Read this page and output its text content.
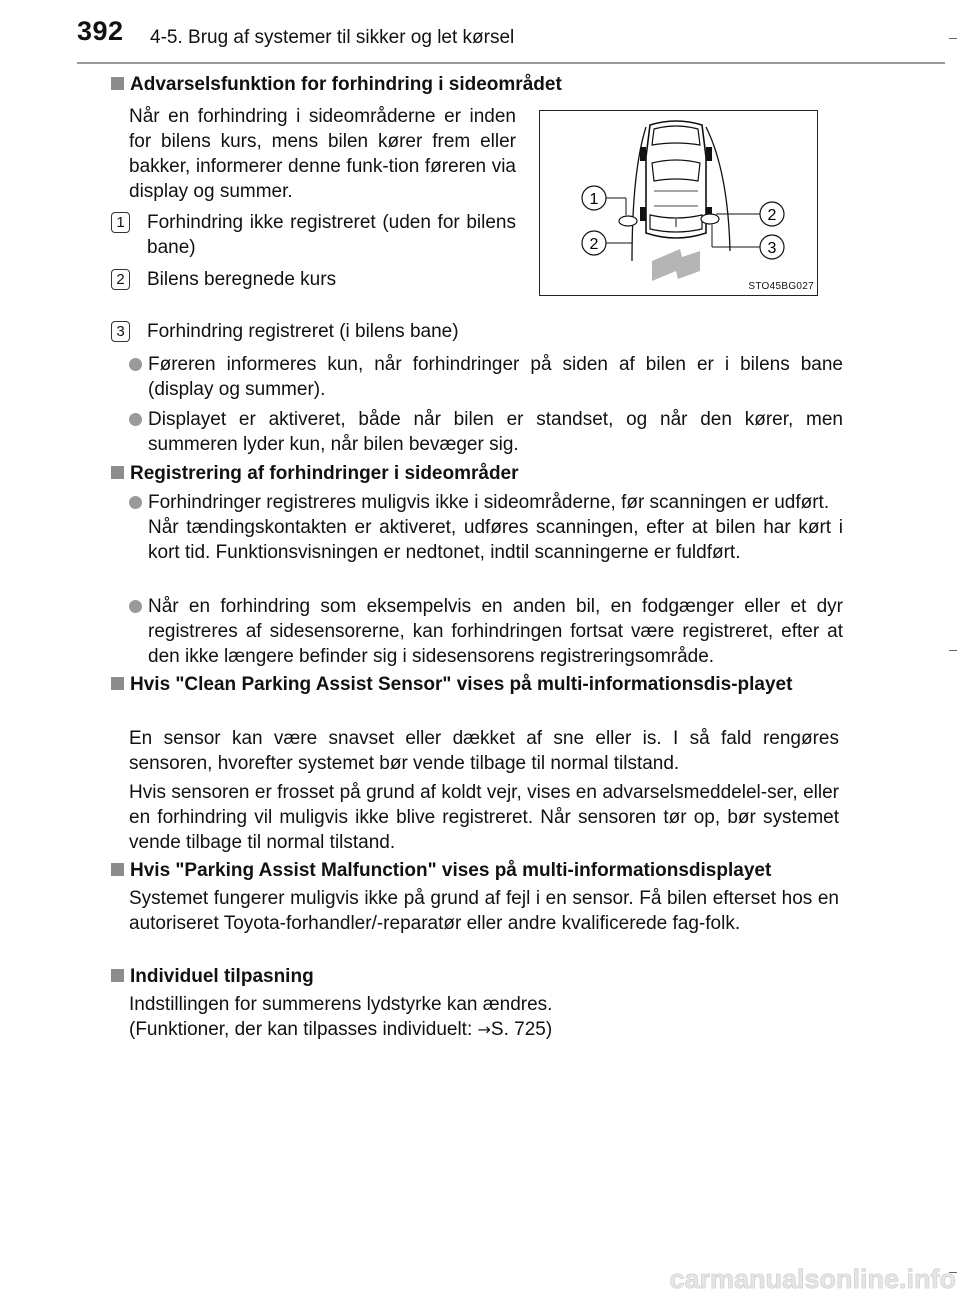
392 4-5. Brug af systemer til sikker og let kørsel
Advarselsfunktion for forhindring i sideområdet
Når en forhindring i sideområderne er inden for bilens kurs, mens bilen kører frem eller bakker, informerer denne funk-tion føreren via display og summer.
1 Forhindring ikke registreret (uden for bilens bane)
2 Bilens beregnede kurs
3 Forhindring registreret (i bilens bane)
1
2
2
3
STO45BG027
Føreren informeres kun, når forhindringer på siden af bilen er i bilens bane (display og summer).
Displayet er aktiveret, både når bilen er standset, og når den kører, men summeren lyder kun, når bilen bevæger sig.
Registrering af forhindringer i sideområder
Forhindringer registreres muligvis ikke i sideområderne, før scanningen er udført.
Når tændingskontakten er aktiveret, udføres scanningen, efter at bilen har kørt i kort tid. Funktionsvisningen er nedtonet, indtil scanningerne er fuldført.
Når en forhindring som eksempelvis en anden bil, en fodgænger eller et dyr registreres af sidesensorerne, kan forhindringen fortsat være registreret, efter at den ikke længere befinder sig i sidesensorens registreringsområde.
Hvis "Clean Parking Assist Sensor" vises på multi-informationsdis-playet
En sensor kan være snavset eller dækket af sne eller is. I så fald rengøres sensoren, hvorefter systemet bør vende tilbage til normal tilstand.
Hvis sensoren er frosset på grund af koldt vejr, vises en advarselsmeddelel-ser, eller en forhindring vil muligvis ikke blive registreret. Når sensoren tør op, bør systemet vende tilbage til normal tilstand.
Hvis "Parking Assist Malfunction" vises på multi-informationsdisplayet
Systemet fungerer muligvis ikke på grund af fejl i en sensor. Få bilen efterset hos en autoriseret Toyota-forhandler/-reparatør eller andre kvalificerede fag-folk.
Individuel tilpasning
Indstillingen for summerens lydstyrke kan ændres.
(Funktioner, der kan tilpasses individuelt: →S. 725)
carmanualsonline.info
